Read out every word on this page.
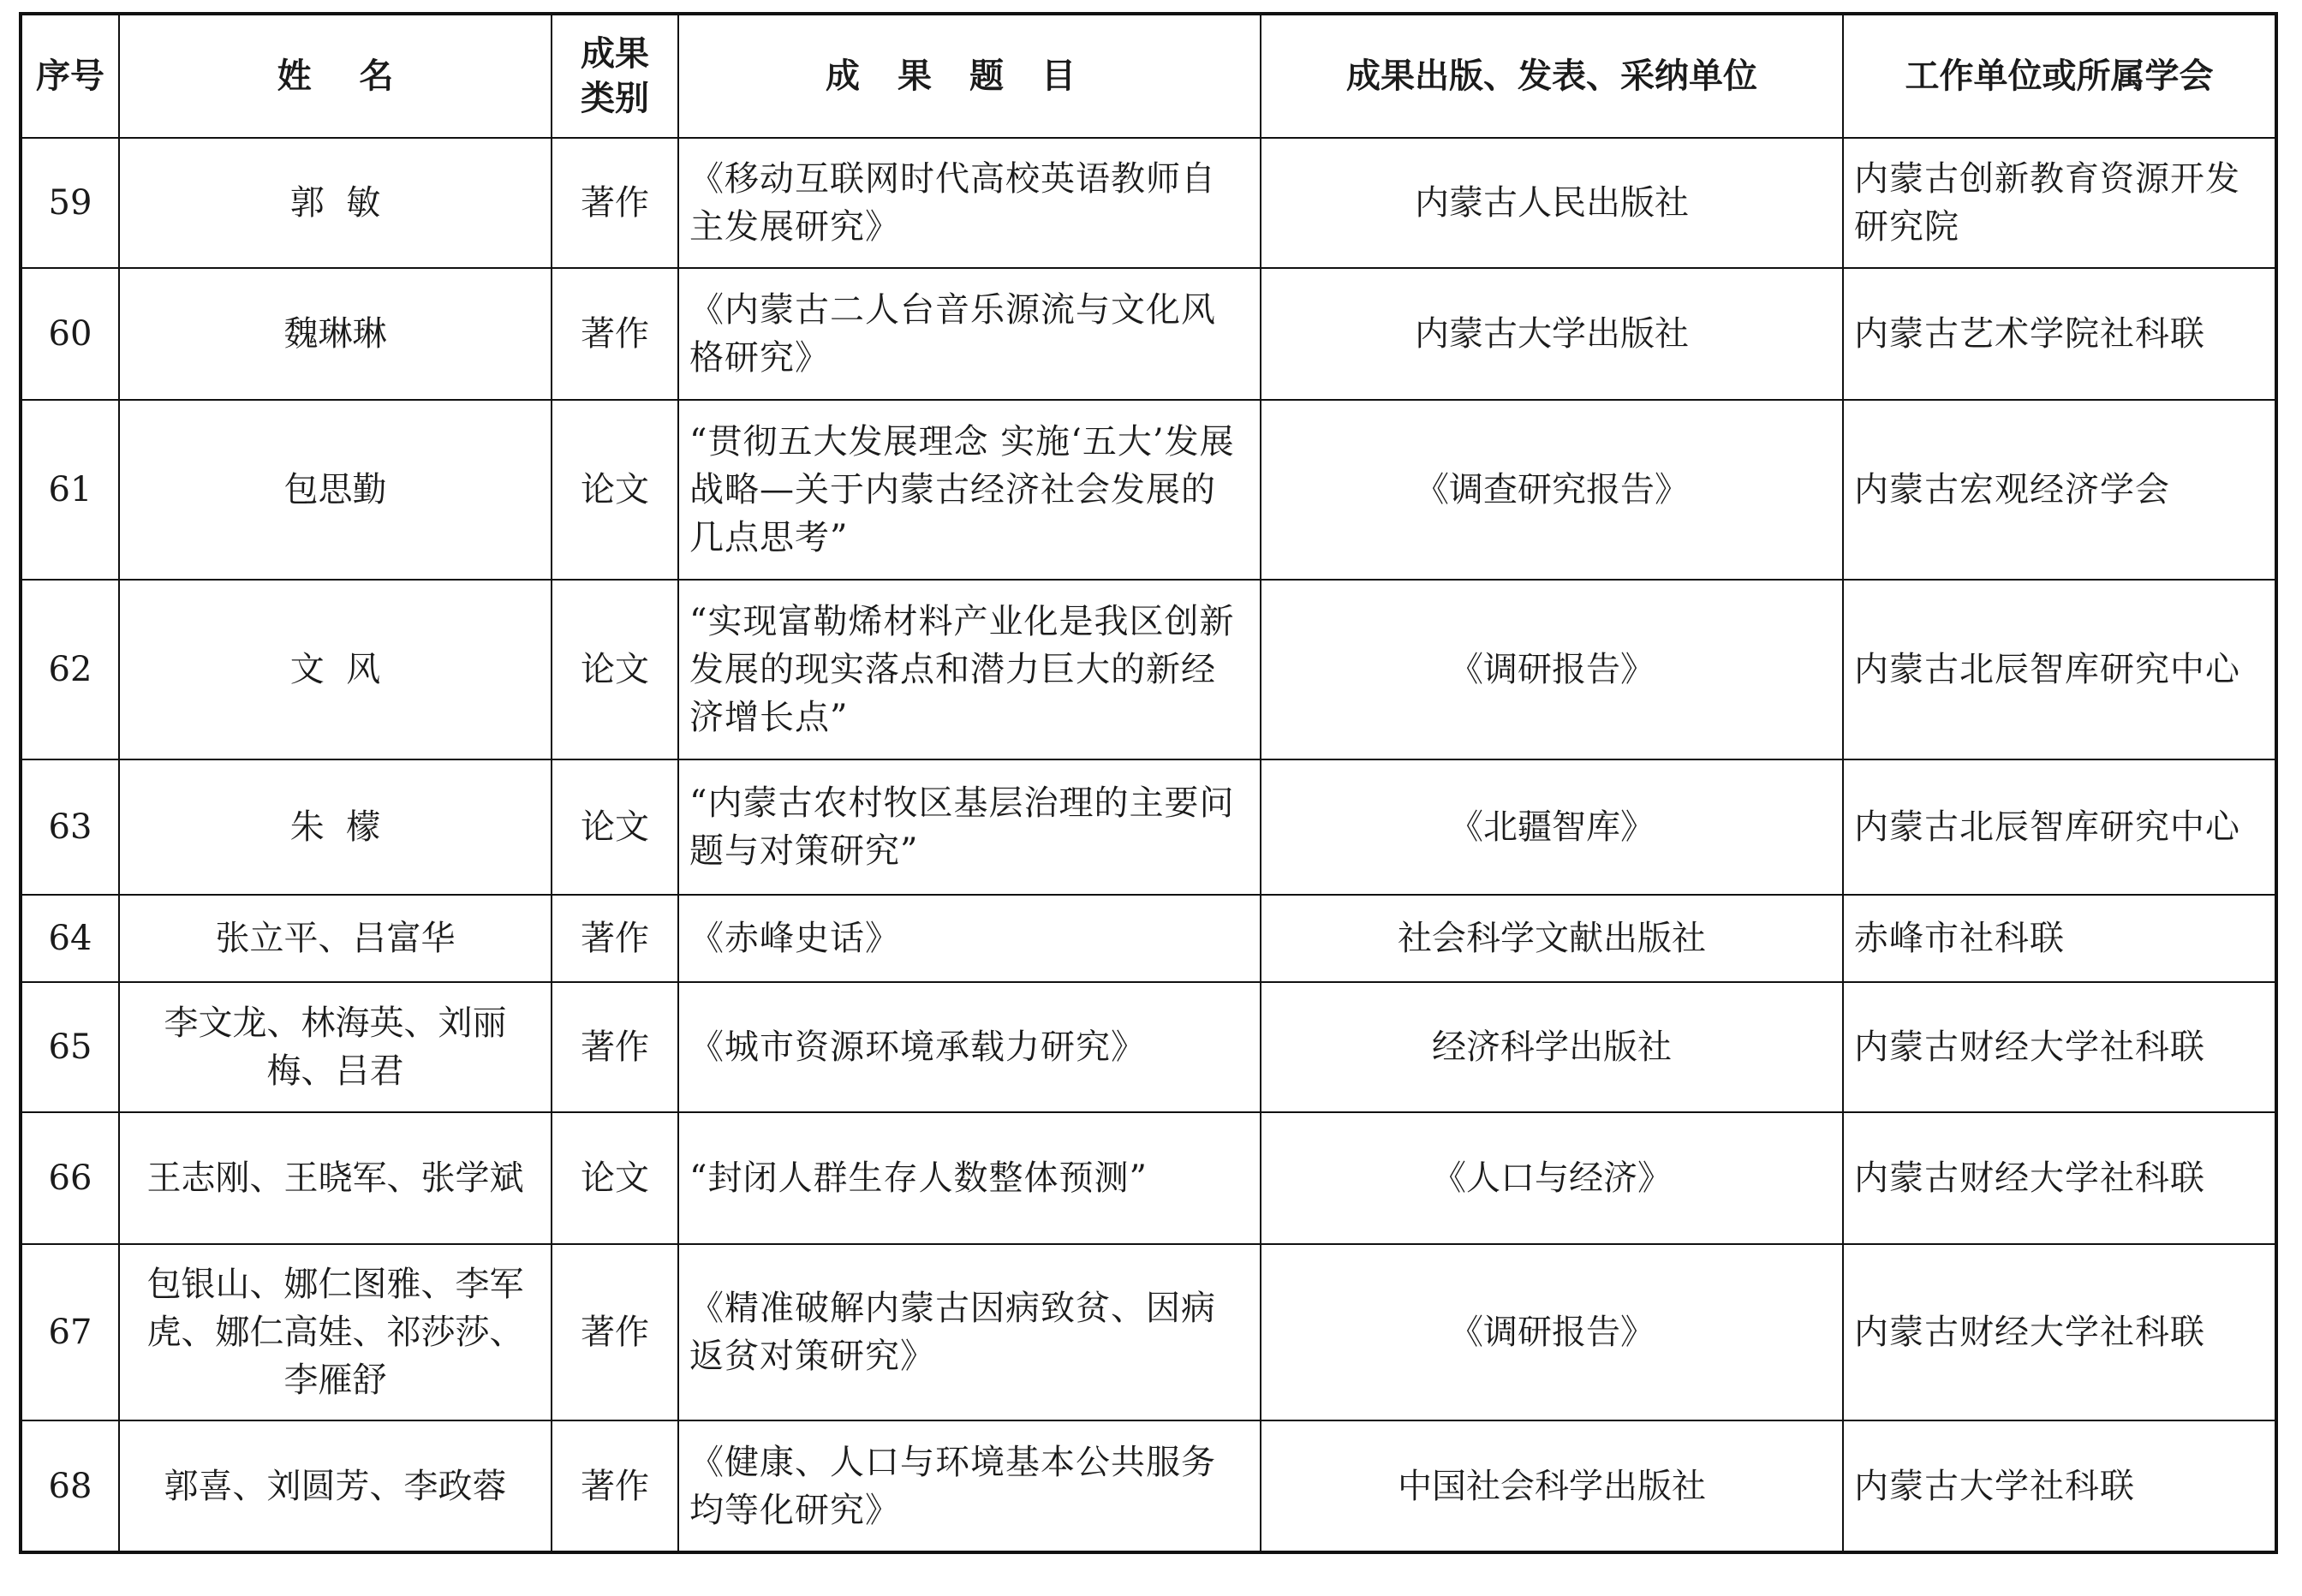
序号	姓    名	成果类别	成果题目	成果出版、发表、采纳单位	工作单位或所属学会
59	郭  敏	著作	《移动互联网时代高校英语教师自主发展研究》	内蒙古人民出版社	内蒙古创新教育资源开发研究院
60	魏琳琳	著作	《内蒙古二人台音乐源流与文化风格研究》	内蒙古大学出版社	内蒙古艺术学院社科联
61	包思勤	论文	“贯彻五大发展理念 实施‘五大’发展战略—关于内蒙古经济社会发展的几点思考”	《调查研究报告》	内蒙古宏观经济学会
62	文  风	论文	“实现富勒烯材料产业化是我区创新发展的现实落点和潜力巨大的新经济增长点”	《调研报告》	内蒙古北辰智库研究中心
63	朱  檬	论文	“内蒙古农村牧区基层治理的主要问题与对策研究”	《北疆智库》	内蒙古北辰智库研究中心
64	张立平、吕富华	著作	《赤峰史话》	社会科学文献出版社	赤峰市社科联
65	李文龙、林海英、刘丽梅、吕君	著作	《城市资源环境承载力研究》	经济科学出版社	内蒙古财经大学社科联
66	王志刚、王晓军、张学斌	论文	“封闭人群生存人数整体预测”	《人口与经济》	内蒙古财经大学社科联
67	包银山、娜仁图雅、李军虎、娜仁高娃、祁莎莎、李雁舒	著作	《精准破解内蒙古因病致贫、因病返贫对策研究》	《调研报告》	内蒙古财经大学社科联
68	郭喜、刘圆芳、李政蓉	著作	《健康、人口与环境基本公共服务均等化研究》	中国社会科学出版社	内蒙古大学社科联
